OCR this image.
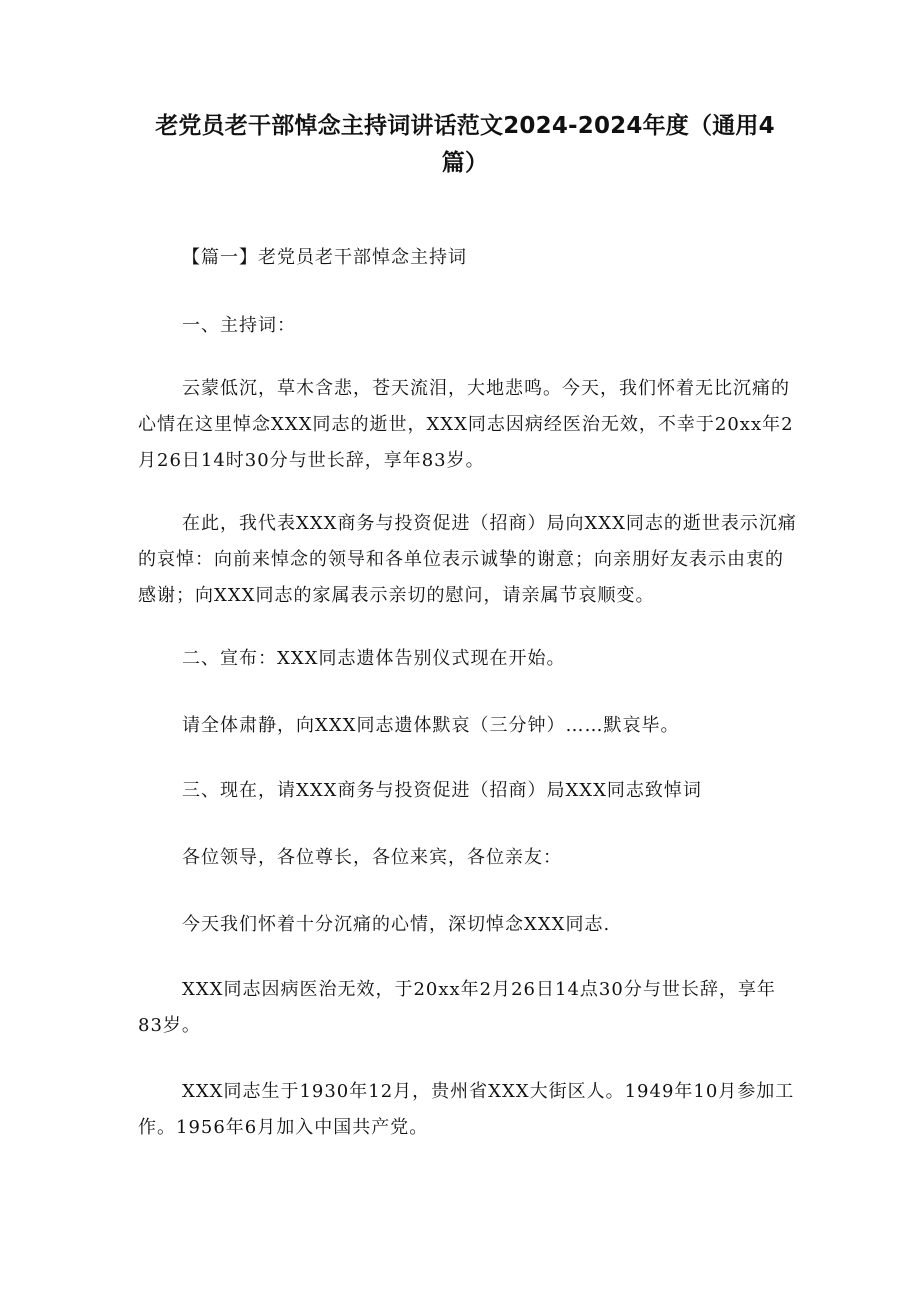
老党员老干部悼念主持词讲话范文2024-2024年度（通用4篇）

【篇一】老党员老干部悼念主持词

一、主持词：

云蒙低沉，草木含悲，苍天流泪，大地悲鸣。今天，我们怀着无比沉痛的心情在这里悼念XXX同志的逝世，XXX同志因病经医治无效，不幸于20xx年2月26日14时30分与世长辞，享年83岁。

在此，我代表XXX商务与投资促进（招商）局向XXX同志的逝世表示沉痛的哀悼：向前来悼念的领导和各单位表示诚挚的谢意；向亲朋好友表示由衷的感谢；向XXX同志的家属表示亲切的慰问，请亲属节哀顺变。

二、宣布：XXX同志遗体告别仪式现在开始。

请全体肃静，向XXX同志遗体默哀（三分钟）……默哀毕。

三、现在，请XXX商务与投资促进（招商）局XXX同志致悼词

各位领导，各位尊长，各位来宾，各位亲友：

今天我们怀着十分沉痛的心情，深切悼念XXX同志.

XXX同志因病医治无效，于20xx年2月26日14点30分与世长辞，享年83岁。

XXX同志生于1930年12月，贵州省XXX大街区人。1949年10月参加工作。1956年6月加入中国共产党。
